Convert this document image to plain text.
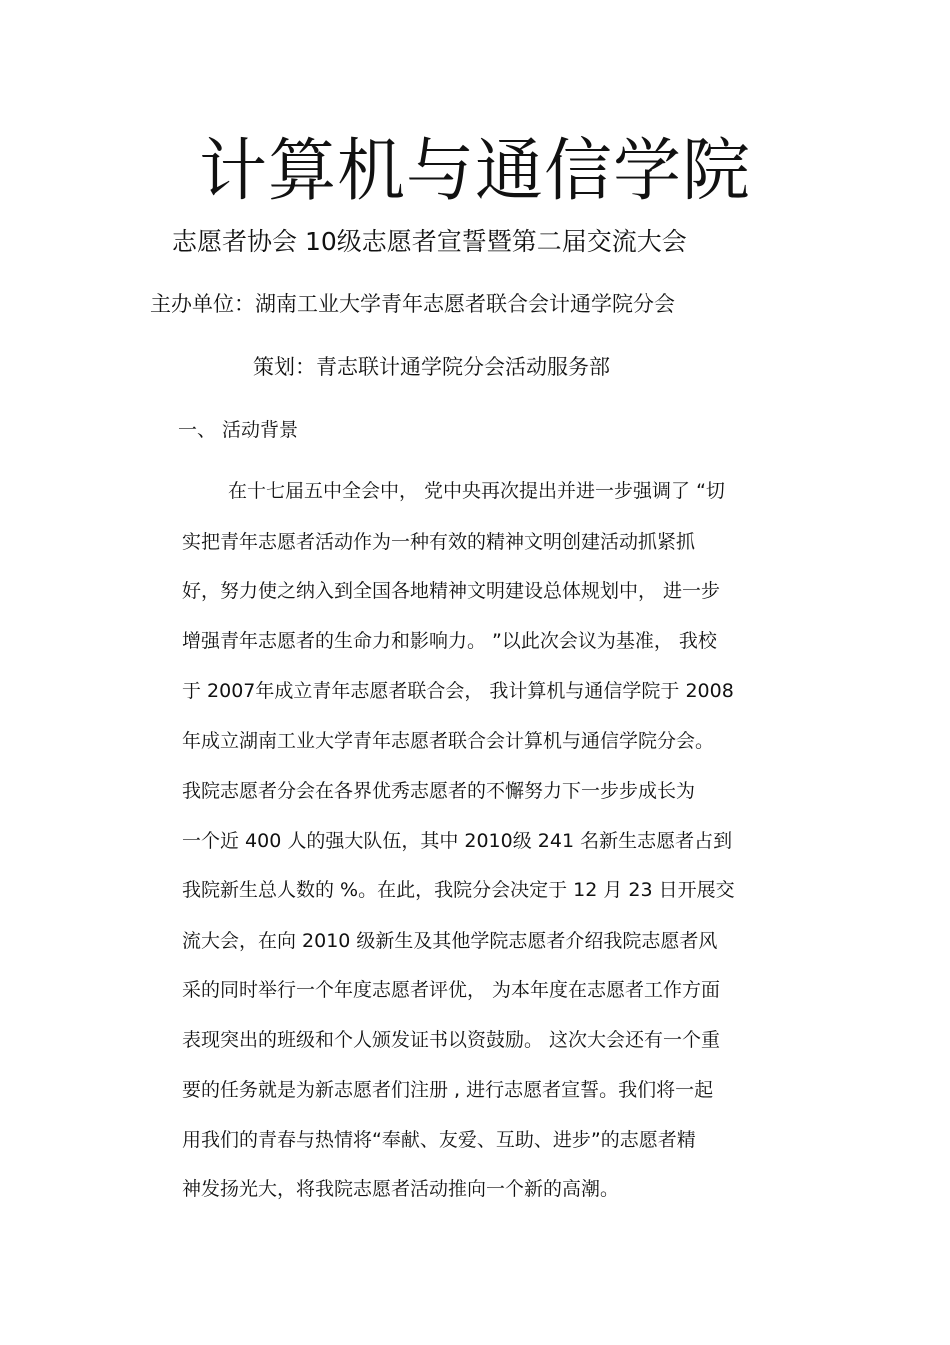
计算机与通信学院
志愿者协会 10级志愿者宣誓暨第二届交流大会
主办单位：湖南工业大学青年志愿者联合会计通学院分会
策划：青志联计通学院分会活动服务部
一、 活动背景
在十七届五中全会中， 党中央再次提出并进一步强调了 “切
实把青年志愿者活动作为一种有效的精神文明创建活动抓紧抓
好，努力使之纳入到全国各地精神文明建设总体规划中， 进一步
增强青年志愿者的生命力和影响力。 ”以此次会议为基准， 我校
于 2007年成立青年志愿者联合会， 我计算机与通信学院于 2008
年成立湖南工业大学青年志愿者联合会计算机与通信学院分会。
我院志愿者分会在各界优秀志愿者的不懈努力下一步步成长为
一个近 400 人的强大队伍，其中 2010级 241 名新生志愿者占到
我院新生总人数的 %。在此，我院分会决定于 12 月 23 日开展交
流大会，在向 2010 级新生及其他学院志愿者介绍我院志愿者风
采的同时举行一个年度志愿者评优， 为本年度在志愿者工作方面
表现突出的班级和个人颁发证书以资鼓励。 这次大会还有一个重
要的任务就是为新志愿者们注册 , 进行志愿者宣誓。我们将一起
用我们的青春与热情将“奉献、友爱、互助、进步”的志愿者精
神发扬光大，将我院志愿者活动推向一个新的高潮。
